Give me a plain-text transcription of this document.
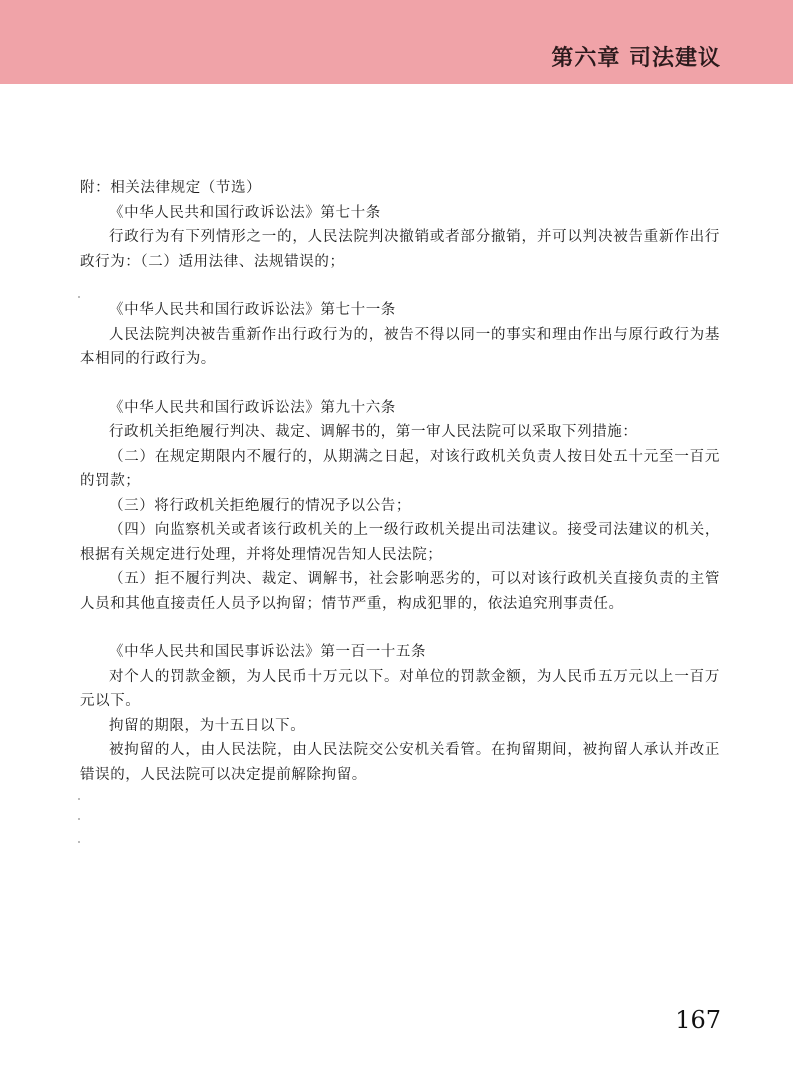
第六章 司法建议

附：相关法律规定（节选）

《中华人民共和国行政诉讼法》第七十条

行政行为有下列情形之一的，人民法院判决撤销或者部分撤销，并可以判决被告重新作出行政行为：（二）适用法律、法规错误的；

《中华人民共和国行政诉讼法》第七十一条

人民法院判决被告重新作出行政行为的，被告不得以同一的事实和理由作出与原行政行为基本相同的行政行为。

《中华人民共和国行政诉讼法》第九十六条

行政机关拒绝履行判决、裁定、调解书的，第一审人民法院可以采取下列措施：

（二）在规定期限内不履行的，从期满之日起，对该行政机关负责人按日处五十元至一百元的罚款；

（三）将行政机关拒绝履行的情况予以公告；

（四）向监察机关或者该行政机关的上一级行政机关提出司法建议。接受司法建议的机关，根据有关规定进行处理，并将处理情况告知人民法院；

（五）拒不履行判决、裁定、调解书，社会影响恶劣的，可以对该行政机关直接负责的主管人员和其他直接责任人员予以拘留；情节严重，构成犯罪的，依法追究刑事责任。

《中华人民共和国民事诉讼法》第一百一十五条

对个人的罚款金额，为人民币十万元以下。对单位的罚款金额，为人民币五万元以上一百万元以下。

拘留的期限，为十五日以下。

被拘留的人，由人民法院，由人民法院交公安机关看管。在拘留期间，被拘留人承认并改正错误的，人民法院可以决定提前解除拘留。

167
